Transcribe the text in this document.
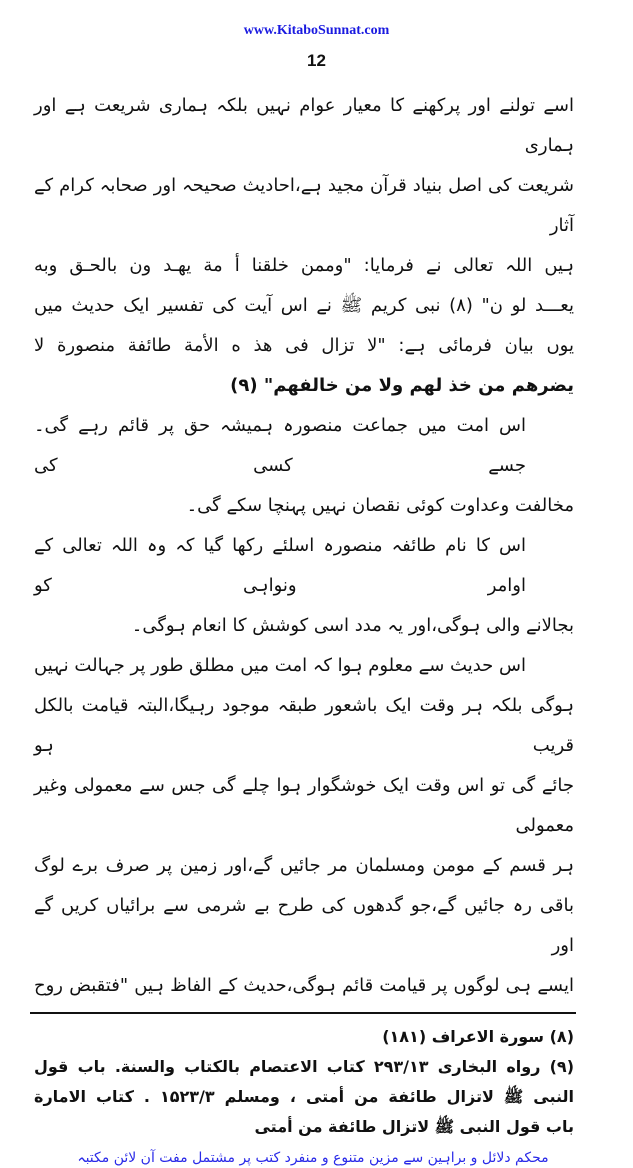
www.KitaboSunnat.com
12
اسے تولنے اور پرکھنے کا معیار عوام نہیں بلکہ ہماری شریعت ہے اور ہماری
شریعت کی اصل بنیاد قرآن مجید ہے،احادیث صحیحہ اور صحابہ کرام کے آثار
ہیں اللہ تعالی نے فرمایا: "وممن خلقنا أ مة یھـد ون بالحـق وبه
یعـــد لو ن" (۸) نبی کریم ﷺ نے اس آیت کی تفسیر ایک حدیث میں
یوں بیان فرمائی ہے: "لا تزال فی هذ ه الأمة طائفة منصورة لا
یضرھم من خذ لھم ولا من خالفھم" (۹)
اس امت میں جماعت منصورہ ہمیشہ حق پر قائم رہے گی۔ جسے کسی کی
مخالفت وعداوت کوئی نقصان نہیں پہنچا سکے گی۔
اس کا نام طائفہ منصورہ اسلئے رکھا گیا کہ وہ اللہ تعالی کے اوامر ونواہی کو
بجالانے والی ہوگی،اور یہ مدد اسی کوشش کا انعام ہوگی۔
اس حدیث سے معلوم ہوا کہ امت میں مطلق طور پر جہالت نہیں
ہوگی بلکہ ہر وقت ایک باشعور طبقہ موجود رہیگا،البتہ قیامت بالکل قریب ہو
جائے گی تو اس وقت ایک خوشگوار ہوا چلے گی جس سے معمولی وغیر معمولی
ہر قسم کے مومن ومسلمان مر جائیں گے،اور زمین پر صرف برے لوگ
باقی رہ جائیں گے،جو گدھوں کی طرح بے شرمی سے برائیاں کریں گے اور
ایسے ہی لوگوں پر قیامت قائم ہوگی،حدیث کے الفاظ ہیں "فتقبض روح
(۸) سورة الاعراف (۱۸۱)
(۹) رواه البخاری ۲۹۳/۱۳ كتاب الاعتصام بالكتاب والسنة. باب قول
النبی ﷺ لاتزال طائفة من أمتی ، ومسلم ۱۵۲۳/۳ . كتاب الامارة
باب قول النبی ﷺ لاتزال طائفة من أمتی
محکم دلائل و براہین سے مزین متنوع و منفرد کتب پر مشتمل مفت آن لائن مکتبہ
